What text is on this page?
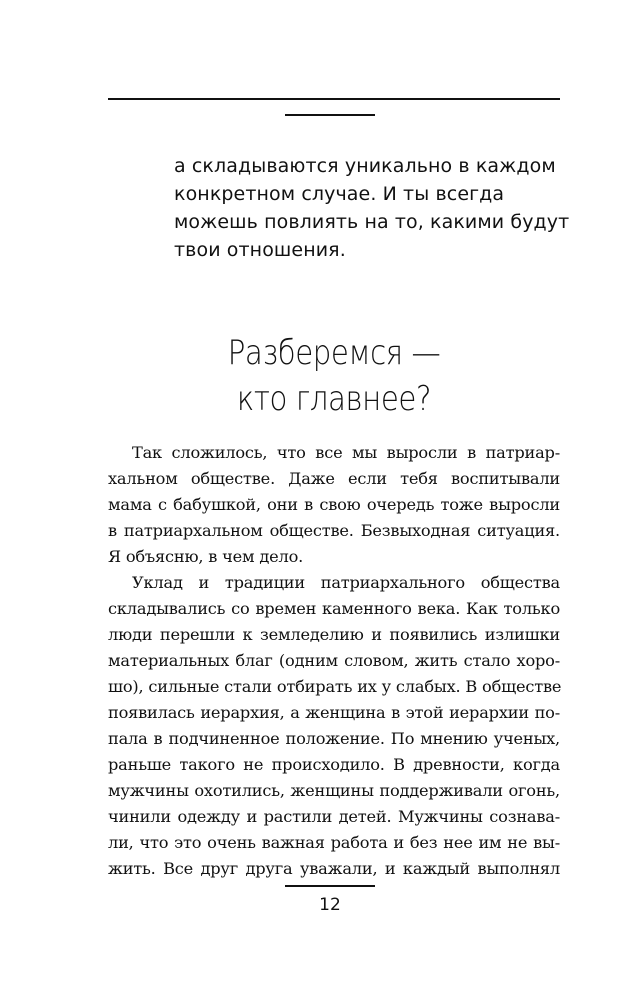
а складываются уникально в каждом

конкретном случае. И ты всегда

можешь повлиять на то, какими будут

твои отношения.

Разберемся —
кто главнее?
Так сложилось, что все мы выросли в патриар-
хальном обществе. Даже если тебя воспитывали
мама с бабушкой, они в свою очередь тоже выросли
в патриархальном обществе. Безвыходная ситуация.
Я объясню, в чем дело.
Уклад и традиции патриархального общества
складывались со времен каменного века. Как только
люди перешли к земледелию и появились излишки
материальных благ (одним словом, жить стало хоро-
шо), сильные стали отбирать их у слабых. В обществе
появилась иерархия, а женщина в этой иерархии по-
пала в подчиненное положение. По мнению ученых,
раньше такого не происходило. В древности, когда
мужчины охотились, женщины поддерживали огонь,
чинили одежду и растили детей. Мужчины сознава-
ли, что это очень важная работа и без нее им не вы-
жить. Все друг друга уважали, и каждый выполнял
12
